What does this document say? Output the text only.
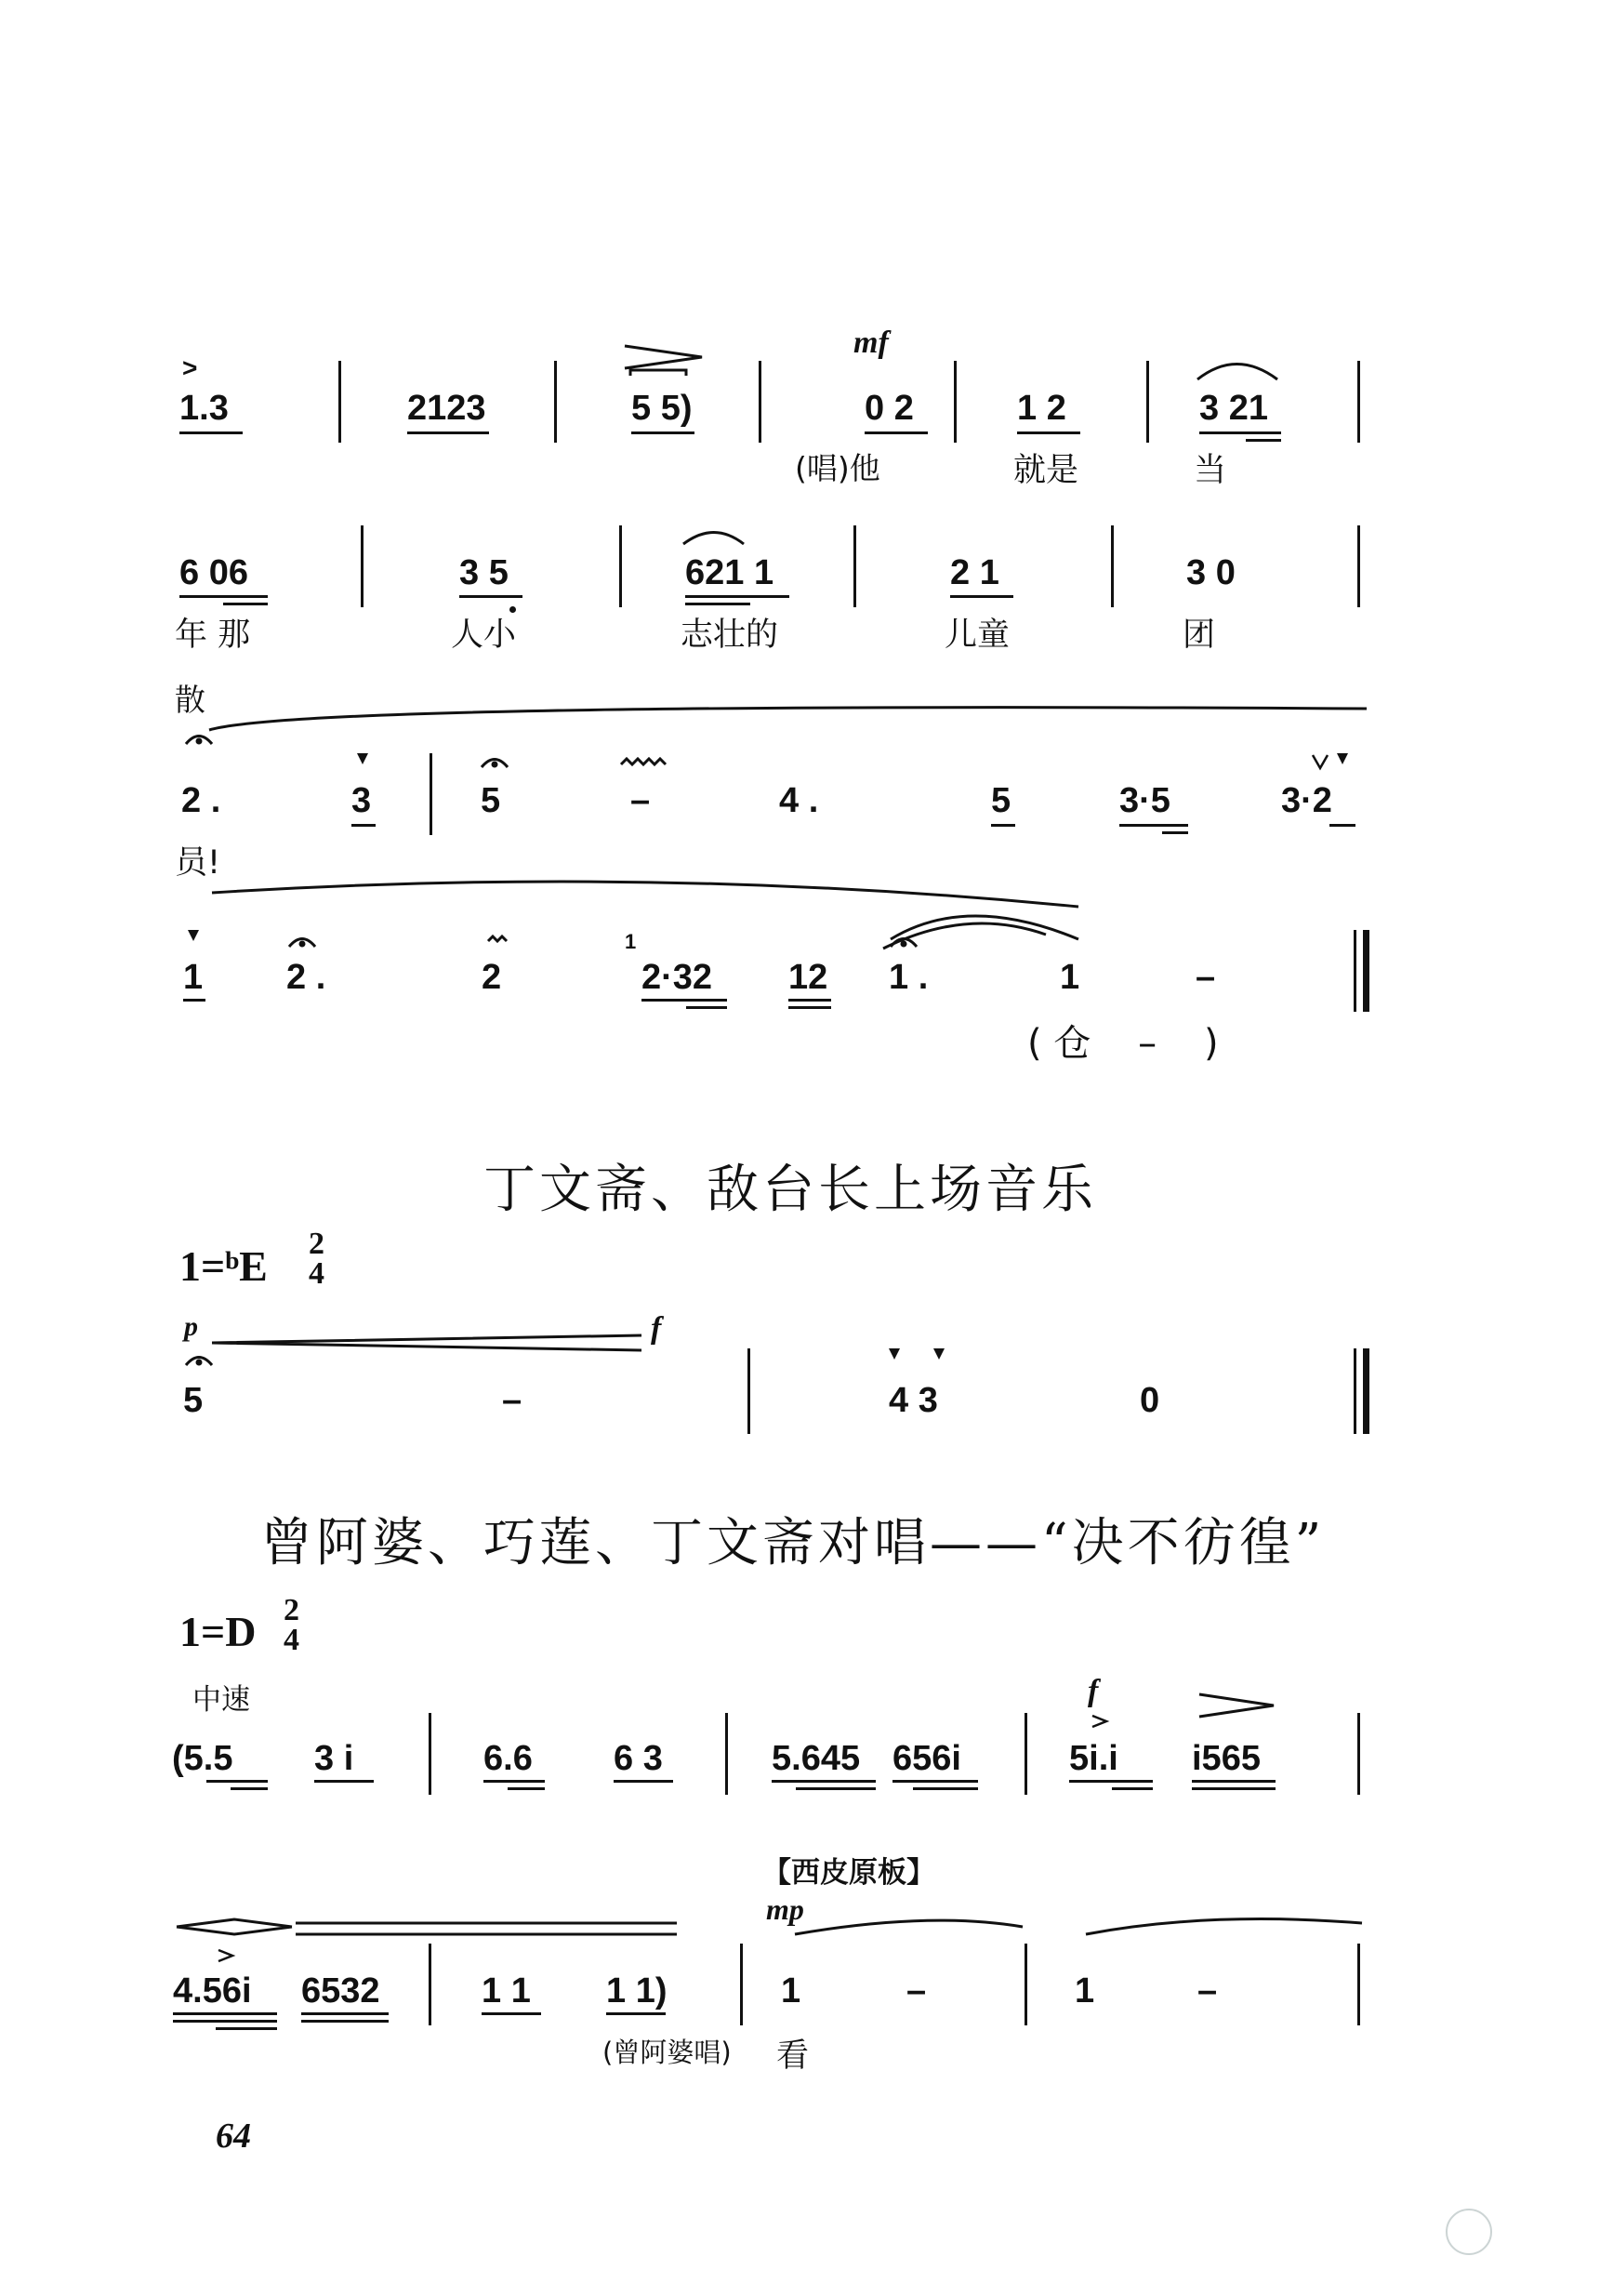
>
1.3	2123	5 5)
mf
0 2	1 2	3 21
(唱)他	就是	当
6 06	3 5	621 1	2 1	3 0
年 那	人小	志壮的	儿童	团
散
2 .	3	5	–	4 .	5	3·5	3·2
员!
1 2 .	2
1
2·32 12 1 .	1	–
( 仓    –    )
丁文斋、敌台长上场音乐
1=ᵇE 2
4
p	f
5	–	4 3	0
曾阿婆、巧莲、丁文斋对唱——“决不彷徨”
1=D 2
4
中速
(5.5 3 i	6.6 6 3	5.645 656i
f
5i.i i565
【西皮原板】
mp
4.56i 6532	1 1 1 1)	1	–	1	–
(曾阿婆唱) 看
64
